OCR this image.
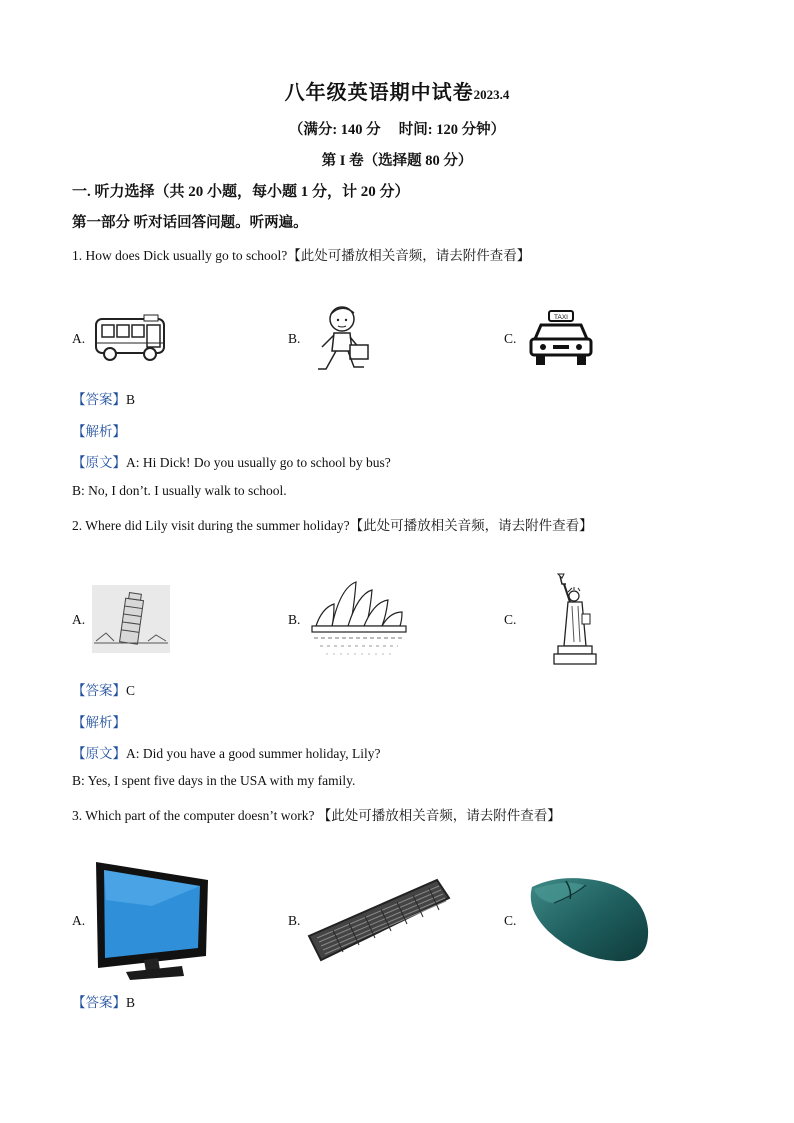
八年级英语期中试卷2023.4
（满分: 140 分　 时间: 120 分钟）
第 I 卷（选择题 80 分）
一. 听力选择（共 20 小题，每小题 1 分，计 20 分）
第一部分 听对话回答问题。听两遍。
1. How does Dick usually go to school?【此处可播放相关音频，请去附件查看】
A.	B.	C.
TAXI
【答案】B
【解析】
【原文】A: Hi Dick! Do you usually go to school by bus?
B: No, I don’t. I usually walk to school.
2. Where did Lily visit during the summer holiday?【此处可播放相关音频，请去附件查看】
A.	B.	C.
【答案】C
【解析】
【原文】A: Did you have a good summer holiday, Lily?
B: Yes, I spent five days in the USA with my family.
3. Which part of the computer doesn’t work? 【此处可播放相关音频，请去附件查看】
A.	B.	C.
【答案】B
